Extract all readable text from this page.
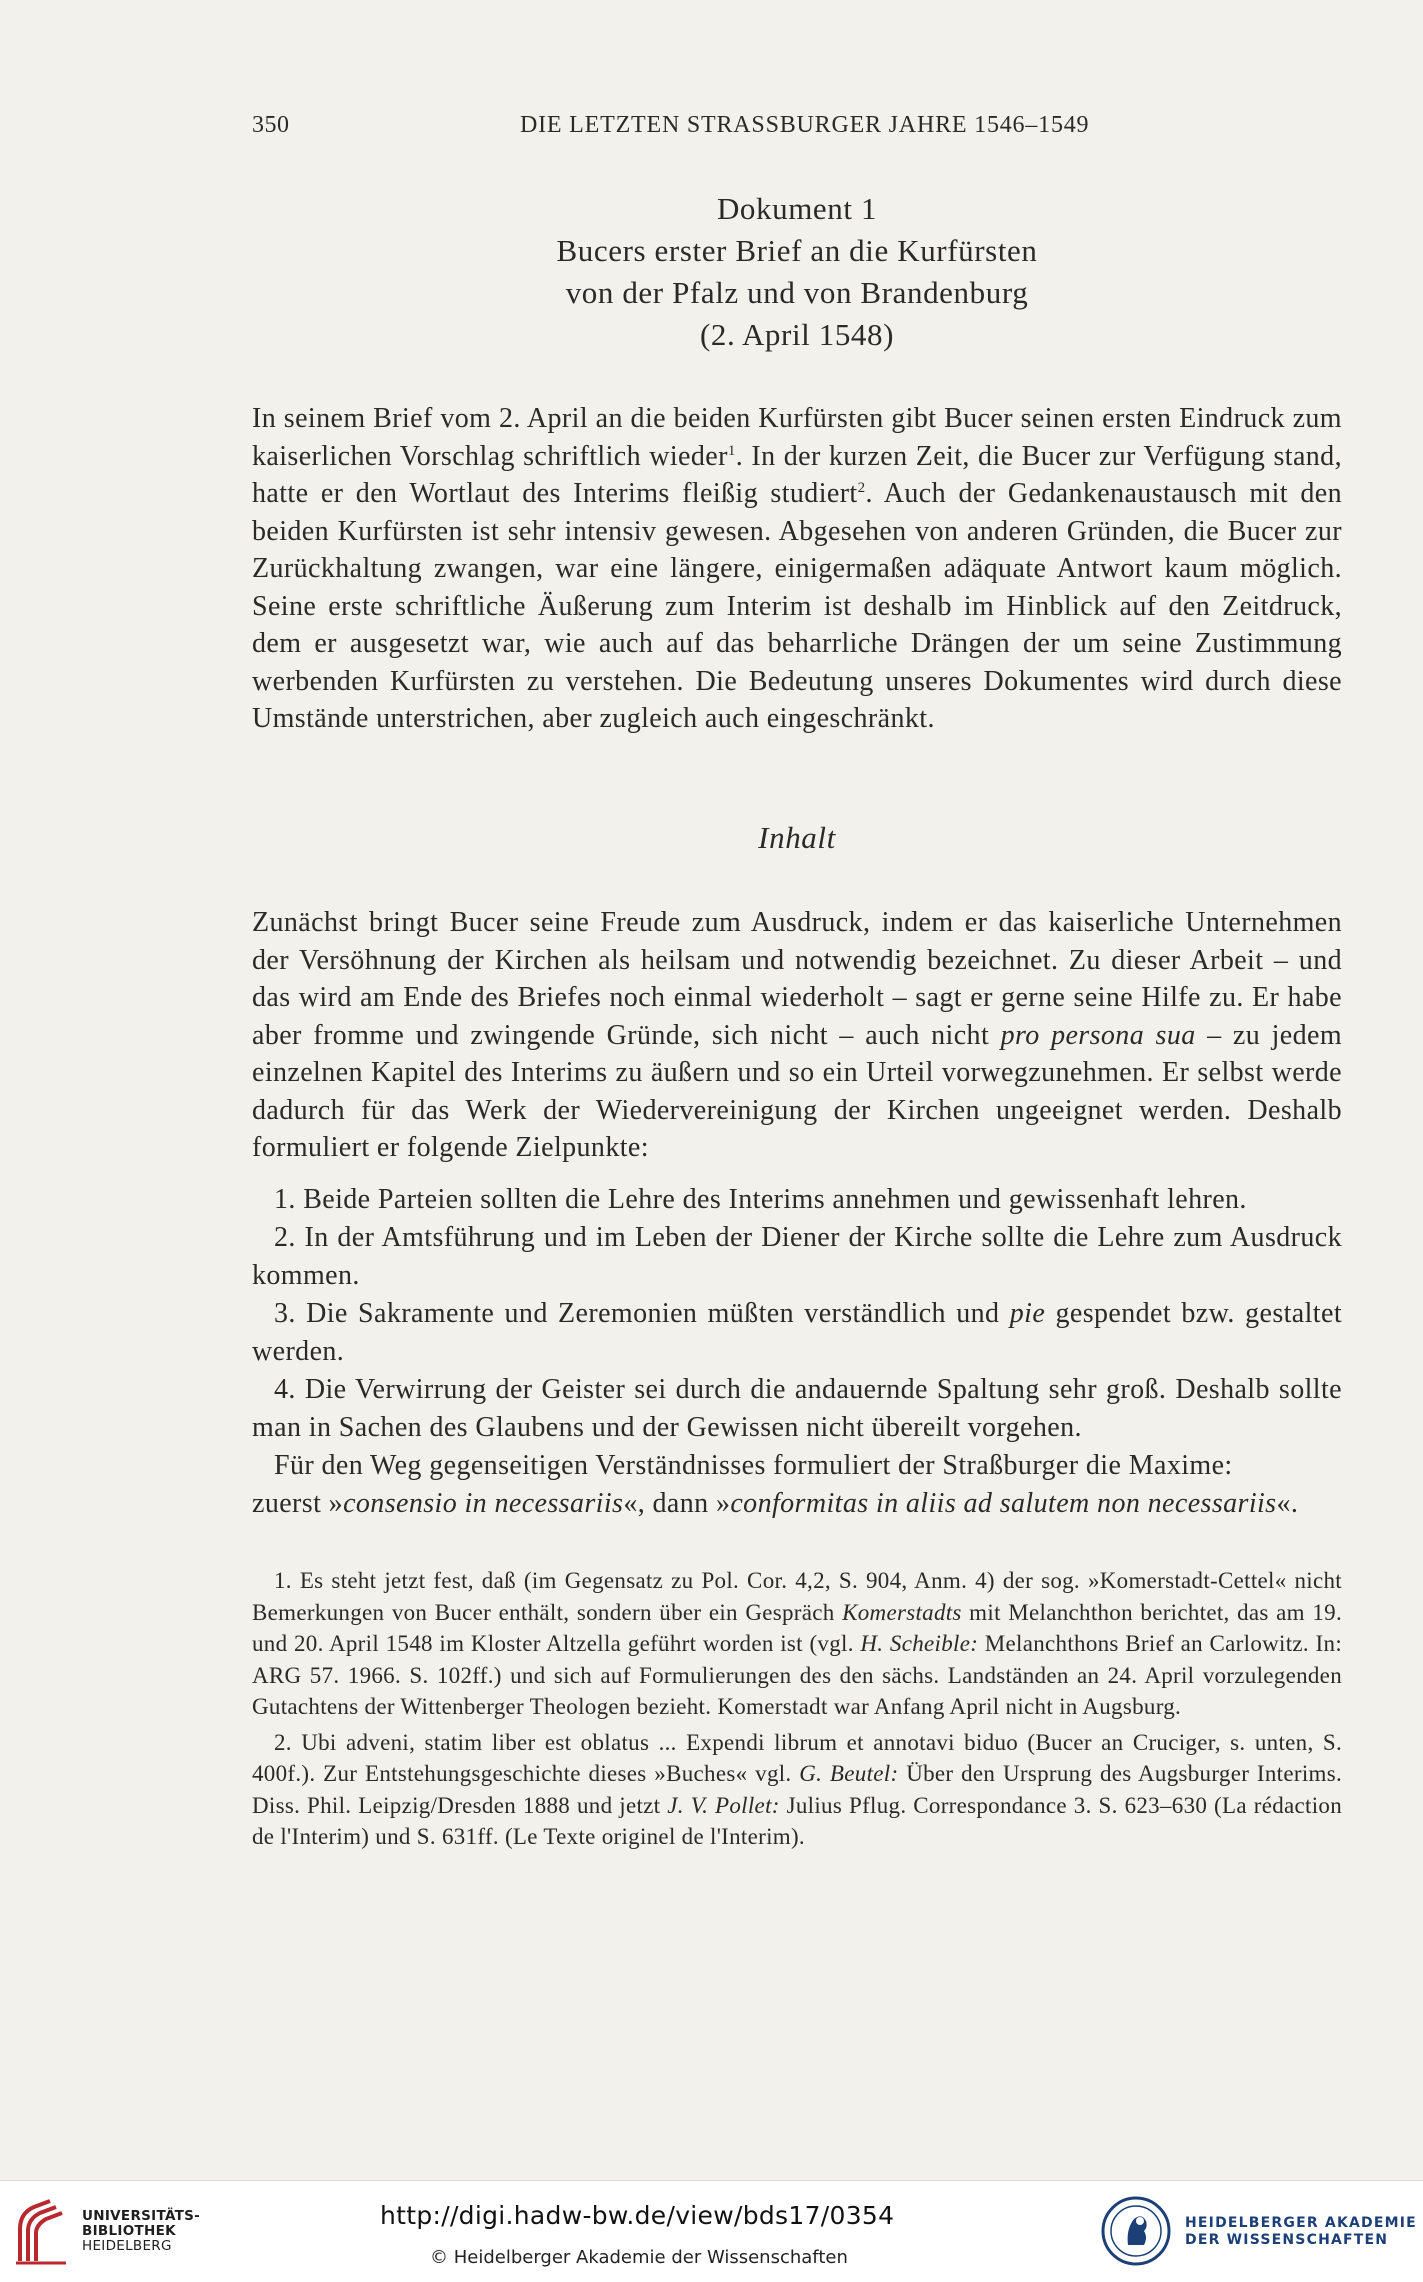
350	DIE LETZTEN STRASSBURGER JAHRE 1546–1549
Dokument 1
Bucers erster Brief an die Kurfürsten
von der Pfalz und von Brandenburg
(2. April 1548)

In seinem Brief vom 2. April an die beiden Kurfürsten gibt Bucer seinen ersten Eindruck zum kaiserlichen Vorschlag schriftlich wieder$^1$. In der kurzen Zeit, die Bucer zur Verfügung stand, hatte er den Wortlaut des Interims fleißig studiert$^2$. Auch der Gedankenaustausch mit den beiden Kurfürsten ist sehr intensiv gewesen. Abgesehen von anderen Gründen, die Bucer zur Zurückhaltung zwangen, war eine längere, einigermaßen adäquate Antwort kaum möglich. Seine erste schriftliche Äußerung zum Interim ist deshalb im Hinblick auf den Zeitdruck, dem er ausgesetzt war, wie auch auf das beharrliche Drängen der um seine Zustimmung werbenden Kurfürsten zu verstehen. Die Bedeutung unseres Dokumentes wird durch diese Umstände unterstrichen, aber zugleich auch eingeschränkt.

Inhalt

Zunächst bringt Bucer seine Freude zum Ausdruck, indem er das kaiserliche Unternehmen der Versöhnung der Kirchen als heilsam und notwendig bezeichnet. Zu dieser Arbeit – und das wird am Ende des Briefes noch einmal wiederholt – sagt er gerne seine Hilfe zu. Er habe aber fromme und zwingende Gründe, sich nicht – auch nicht pro persona sua – zu jedem einzelnen Kapitel des Interims zu äußern und so ein Urteil vorwegzunehmen. Er selbst werde dadurch für das Werk der Wiedervereinigung der Kirchen ungeeignet werden. Deshalb formuliert er folgende Zielpunkte:

1. Beide Parteien sollten die Lehre des Interims annehmen und gewissenhaft lehren.

2. In der Amtsführung und im Leben der Diener der Kirche sollte die Lehre zum Ausdruck kommen.

3. Die Sakramente und Zeremonien müßten verständlich und pie gespendet bzw. gestaltet werden.

4. Die Verwirrung der Geister sei durch die andauernde Spaltung sehr groß. Deshalb sollte man in Sachen des Glaubens und der Gewissen nicht übereilt vorgehen.

Für den Weg gegenseitigen Verständnisses formuliert der Straßburger die Maxime:
zuerst »consensio in necessariis«, dann »conformitas in aliis ad salutem non necessariis«.

1. Es steht jetzt fest, daß (im Gegensatz zu Pol. Cor. 4,2, S. 904, Anm. 4) der sog. »Komerstadt-Cettel« nicht Bemerkungen von Bucer enthält, sondern über ein Gespräch Komerstadts mit Melanchthon berichtet, das am 19. und 20. April 1548 im Kloster Altzella geführt worden ist (vgl. H. Scheible: Melanchthons Brief an Carlowitz. In: ARG 57. 1966. S. 102ff.) und sich auf Formulierungen des den sächs. Landständen an 24. April vorzulegenden Gutachtens der Wittenberger Theologen bezieht. Komerstadt war Anfang April nicht in Augsburg.

2. Ubi adveni, statim liber est oblatus ... Expendi librum et annotavi biduo (Bucer an Cruciger, s. unten, S. 400f.). Zur Entstehungsgeschichte dieses »Buches« vgl. G. Beutel: Über den Ursprung des Augsburger Interims. Diss. Phil. Leipzig/Dresden 1888 und jetzt J. V. Pollet: Julius Pflug. Correspondance 3. S. 623–630 (La rédaction de l'Interim) und S. 631ff. (Le Texte originel de l'Interim).

UNIVERSITÄTS-
BIBLIOTHEK
HEIDELBERG
http://digi.hadw-bw.de/view/bds17/0354
© Heidelberger Akademie der Wissenschaften
HEIDELBERGER AKADEMIE
DER WISSENSCHAFTEN
